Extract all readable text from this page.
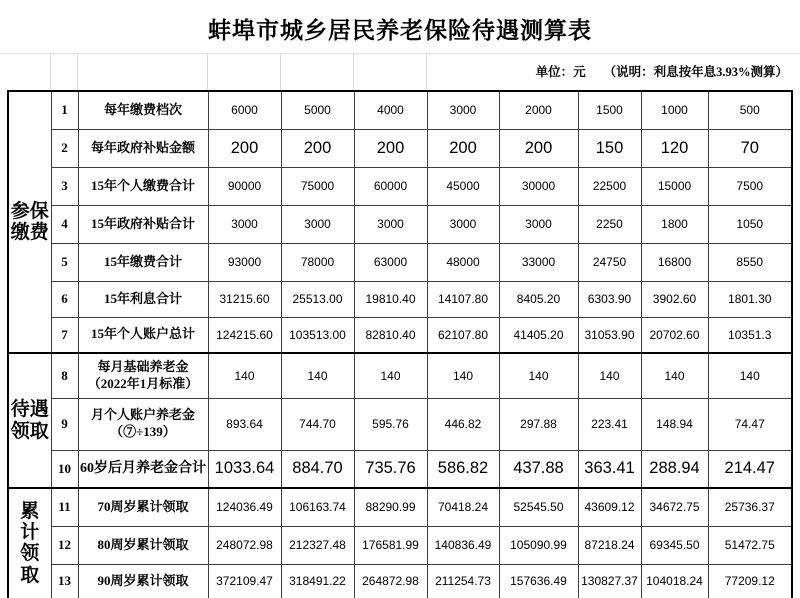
蚌埠市城乡居民养老保险待遇测算表
单位：元 （说明：利息按年息3.93%测算）
参保
缴费	1	每年缴费档次	6000	5000	4000	3000	2000	1500	1000	500
	2	每年政府补贴金额	200	200	200	200	200	150	120	70
	3	15年个人缴费合计	90000	75000	60000	45000	30000	22500	15000	7500
	4	15年政府补贴合计	3000	3000	3000	3000	3000	2250	1800	1050
	5	15年缴费合计	93000	78000	63000	48000	33000	24750	16800	8550
	6	15年利息合计	31215.60	25513.00	19810.40	14107.80	8405.20	6303.90	3902.60	1801.30
	7	15年个人账户总计	124215.60	103513.00	82810.40	62107.80	41405.20	31053.90	20702.60	10351.3

待遇
领取
	8	
每月基础养老金
（2022年1月标准）	140	140	140	140	140	140	140	140
	9	月个人账户养老金
（⑦÷139）	893.64	744.70	595.76	446.82	297.88	223.41	148.94	74.47
	10	60岁后月养老金合计	1033.64	884.70	735.76	586.82	437.88	363.41	288.94	214.47

累
计
领
取	11	70周岁累计领取	124036.49	106163.74	88290.99	70418.24	52545.50	43609.12	34672.75	25736.37
	12	80周岁累计领取	248072.98	212327.48	176581.99	140836.49	105090.99	87218.24	69345.50	51472.75
	13	90周岁累计领取	372109.47	318491.22	264872.98	211254.73	157636.49	130827.37	104018.24	77209.12
